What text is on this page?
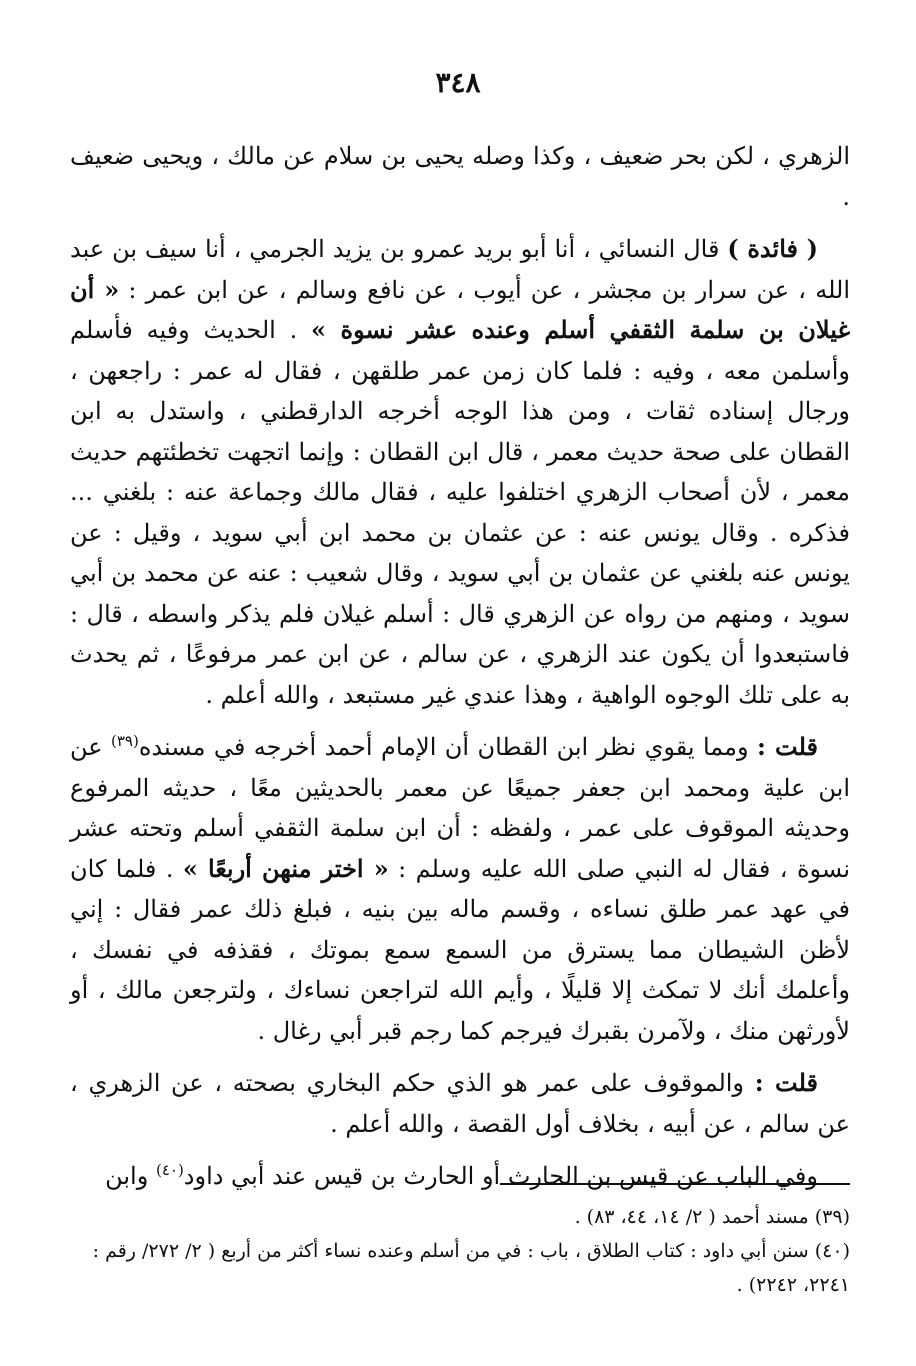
٣٤٨

الزهري ، لكن بحر ضعيف ، وكذا وصله يحيى بن سلام عن مالك ، ويحيى ضعيف .

( فائدة ) قال النسائي ، أنا أبو بريد عمرو بن يزيد الجرمي ، أنا سيف بن عبد الله ، عن سرار بن مجشر ، عن أيوب ، عن نافع وسالم ، عن ابن عمر : « أن غيلان بن سلمة الثقفي أسلم وعنده عشر نسوة » . الحديث وفيه فأسلم وأسلمن معه ، وفيه : فلما كان زمن عمر طلقهن ، فقال له عمر : راجعهن ، ورجال إسناده ثقات ، ومن هذا الوجه أخرجه الدارقطني ، واستدل به ابن القطان على صحة حديث معمر ، قال ابن القطان : وإنما اتجهت تخطئتهم حديث معمر ، لأن أصحاب الزهري اختلفوا عليه ، فقال مالك وجماعة عنه : بلغني ... فذكره . وقال يونس عنه : عن عثمان بن محمد ابن أبي سويد ، وقيل : عن يونس عنه بلغني عن عثمان بن أبي سويد ، وقال شعيب : عنه عن محمد بن أبي سويد ، ومنهم من رواه عن الزهري قال : أسلم غيلان فلم يذكر واسطه ، قال : فاستبعدوا أن يكون عند الزهري ، عن سالم ، عن ابن عمر مرفوعًا ، ثم يحدث به على تلك الوجوه الواهية ، وهذا عندي غير مستبعد ، والله أعلم .

قلت : ومما يقوي نظر ابن القطان أن الإمام أحمد أخرجه في مسنده$^{(٣٩)}$ عن ابن علية ومحمد ابن جعفر جميعًا عن معمر بالحديثين معًا ، حديثه المرفوع وحديثه الموقوف على عمر ، ولفظه : أن ابن سلمة الثقفي أسلم وتحته عشر نسوة ، فقال له النبي صلى الله عليه وسلم : « اختر منهن أربعًا » . فلما كان في عهد عمر طلق نساءه ، وقسم ماله بين بنيه ، فبلغ ذلك عمر فقال : إني لأظن الشيطان مما يسترق من السمع سمع بموتك ، فقذفه في نفسك ، وأعلمك أنك لا تمكث إلا قليلًا ، وأيم الله لتراجعن نساءك ، ولترجعن مالك ، أو لأورثهن منك ، ولآمرن بقبرك فيرجم كما رجم قبر أبي رغال .

قلت : والموقوف على عمر هو الذي حكم البخاري بصحته ، عن الزهري ، عن سالم ، عن أبيه ، بخلاف أول القصة ، والله أعلم .

وفي الباب عن قيس بن الحارث أو الحارث بن قيس عند أبي داود$^{(٤٠)}$ وابن

(٣٩) مسند أحمد ( ٢/ ١٤، ٤٤، ٨٣) .

(٤٠) سنن أبي داود : كتاب الطلاق ، باب : في من أسلم وعنده نساء أكثر من أربع ( ٢/ ٢٧٢/ رقم : ٢٢٤١، ٢٢٤٢) .
